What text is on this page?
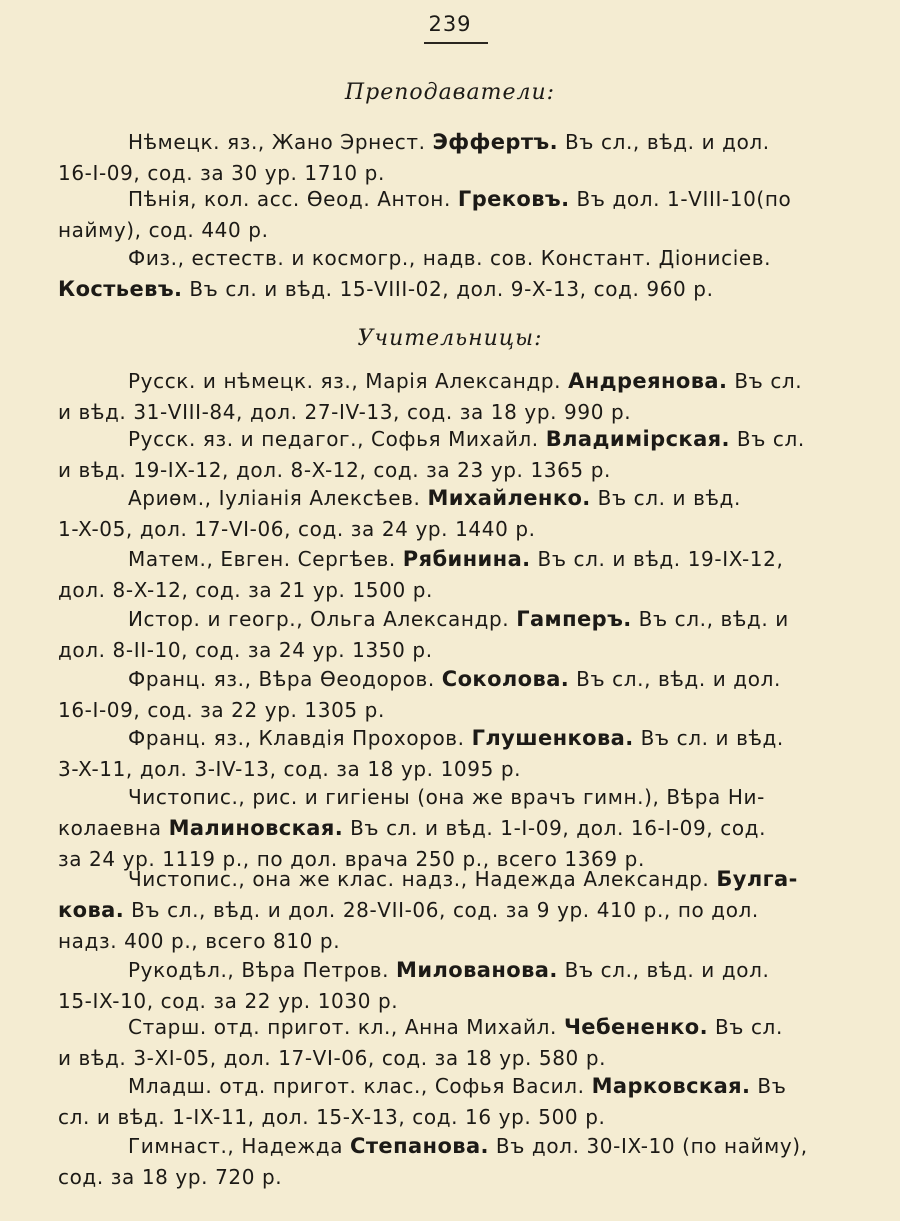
239
Преподаватели:
Нѣмецк. яз., Жано Эрнест. Эффертъ. Въ сл., вѣд. и дол.
16-I-09, сод. за 30 ур. 1710 р.
Пѣнія, кол. асс. Ѳеод. Антон. Грековъ. Въ дол. 1-VIII-10(по
найму), сод. 440 р.
Физ., естеств. и космогр., надв. сов. Констант. Діонисіев.
Костьевъ. Въ сл. и вѣд. 15-VIII-02, дол. 9-X-13, сод. 960 р.
Учительницы:
Русск. и нѣмецк. яз., Марія Александр. Андреянова. Въ сл.
и вѣд. 31-VIII-84, дол. 27-IV-13, сод. за 18 ур. 990 р.
Русск. яз. и педагог., Софья Михайл. Владимірская. Въ сл.
и вѣд. 19-IX-12, дол. 8-X-12, сод. за 23 ур. 1365 р.
Ариѳм., Іуліанія Алексѣев. Михайленко. Въ сл. и вѣд.
1-X-05, дол. 17-VI-06, сод. за 24 ур. 1440 р.
Матем., Евген. Сергѣев. Рябинина. Въ сл. и вѣд. 19-IX-12,
дол. 8-X-12, сод. за 21 ур. 1500 р.
Истор. и геогр., Ольга Александр. Гамперъ. Въ сл., вѣд. и
дол. 8-II-10, сод. за 24 ур. 1350 р.
Франц. яз., Вѣра Ѳеодоров. Соколова. Въ сл., вѣд. и дол.
16-I-09, сод. за 22 ур. 1305 р.
Франц. яз., Клавдія Прохоров. Глушенкова. Въ сл. и вѣд.
3-X-11, дол. 3-IV-13, сод. за 18 ур. 1095 р.
Чистопис., рис. и гигіены (она же врачъ гимн.), Вѣра Ни-
колаевна Малиновская. Въ сл. и вѣд. 1-I-09, дол. 16-I-09, сод.
за 24 ур. 1119 р., по дол. врача 250 р., всего 1369 р.
Чистопис., она же клас. надз., Надежда Александр. Булга-
кова. Въ сл., вѣд. и дол. 28-VII-06, сод. за 9 ур. 410 р., по дол.
надз. 400 р., всего 810 р.
Рукодѣл., Вѣра Петров. Милованова. Въ сл., вѣд. и дол.
15-IX-10, сод. за 22 ур. 1030 р.
Старш. отд. пригот. кл., Анна Михайл. Чебененко. Въ сл.
и вѣд. 3-XI-05, дол. 17-VI-06, сод. за 18 ур. 580 р.
Младш. отд. пригот. клас., Софья Васил. Марковская. Въ
сл. и вѣд. 1-IX-11, дол. 15-X-13, сод. 16 ур. 500 р.
Гимнаст., Надежда Степанова. Въ дол. 30-IX-10 (по найму),
сод. за 18 ур. 720 р.
